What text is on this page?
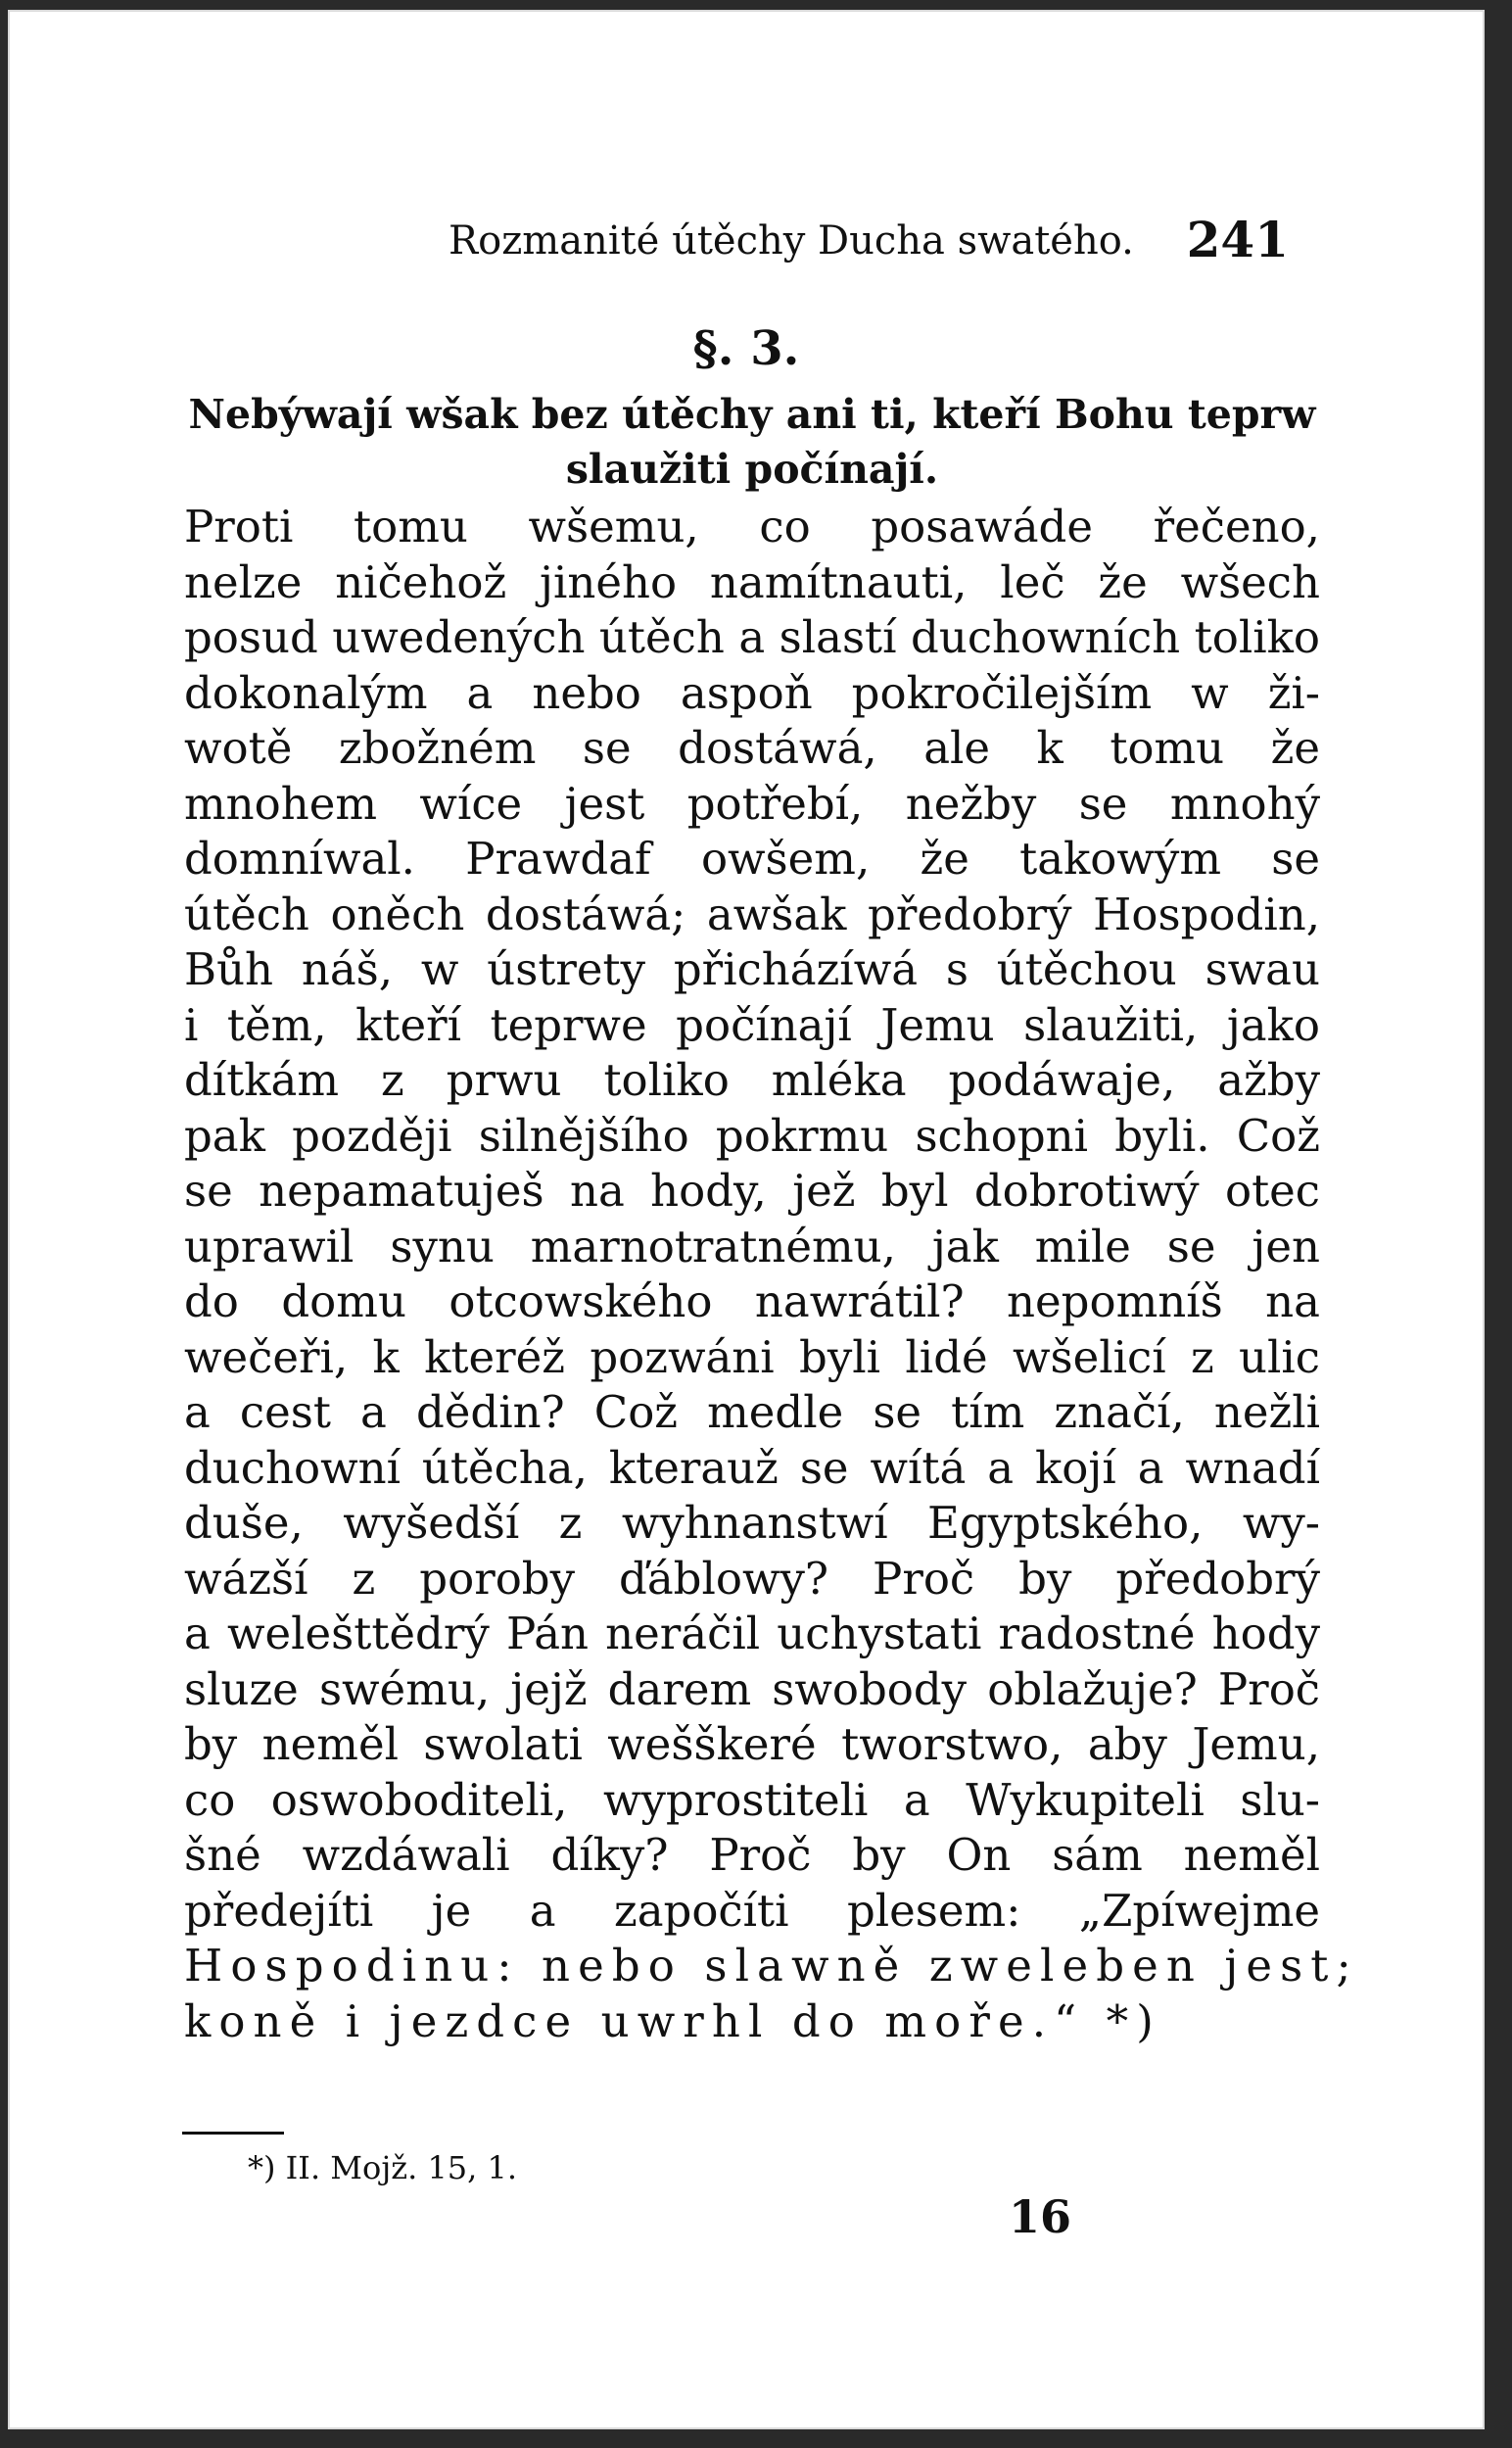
Rozmanité útěchy Ducha swatého. 241
§. 3.
Nebýwají wšak bez útěchy ani ti, kteří Bohu teprw
slaužiti počínají.
Proti tomu wšemu, co posawáde řečeno,
nelze ničehož jiného namítnauti, leč že wšech
posud uwedených útěch a slastí duchowních toliko
dokonalým a nebo aspoň pokročilejším w ži-
wotě zbožném se dostáwá, ale k tomu že
mnohem wíce jest potřebí, nežby se mnohý
domníwal. Prawdaf owšem, že takowým se
útěch oněch dostáwá; awšak předobrý Hospodin,
Bůh náš, w ústrety přicházíwá s útěchou swau
i těm, kteří teprwe počínají Jemu slaužiti, jako
dítkám z prwu toliko mléka podáwaje, ažby
pak později silnějšího pokrmu schopni byli. Což
se nepamatuješ na hody, jež byl dobrotiwý otec
uprawil synu marnotratnému, jak mile se jen
do domu otcowského nawrátil? nepomníš na
wečeři, k kteréž pozwáni byli lidé wšelicí z ulic
a cest a dědin? Což medle se tím značí, nežli
duchowní útěcha, kterauž se wítá a kojí a wnadí
duše, wyšedší z wyhnanstwí Egyptského, wy-
wázší z poroby ďáblowy? Proč by předobrý
a welešttědrý Pán neráčil uchystati radostné hody
sluze swému, jejž darem swobody oblažuje? Proč
by neměl swolati wešškeré tworstwo, aby Jemu,
co oswoboditeli, wyprostiteli a Wykupiteli slu-
šné wzdáwali díky? Proč by On sám neměl
předejíti je a započíti plesem: „Zpíwejme
Hospodinu: nebo slawně zweleben jest;
koně i jezdce uwrhl do moře.“ *)
*) II. Mojž. 15, 1.
16
